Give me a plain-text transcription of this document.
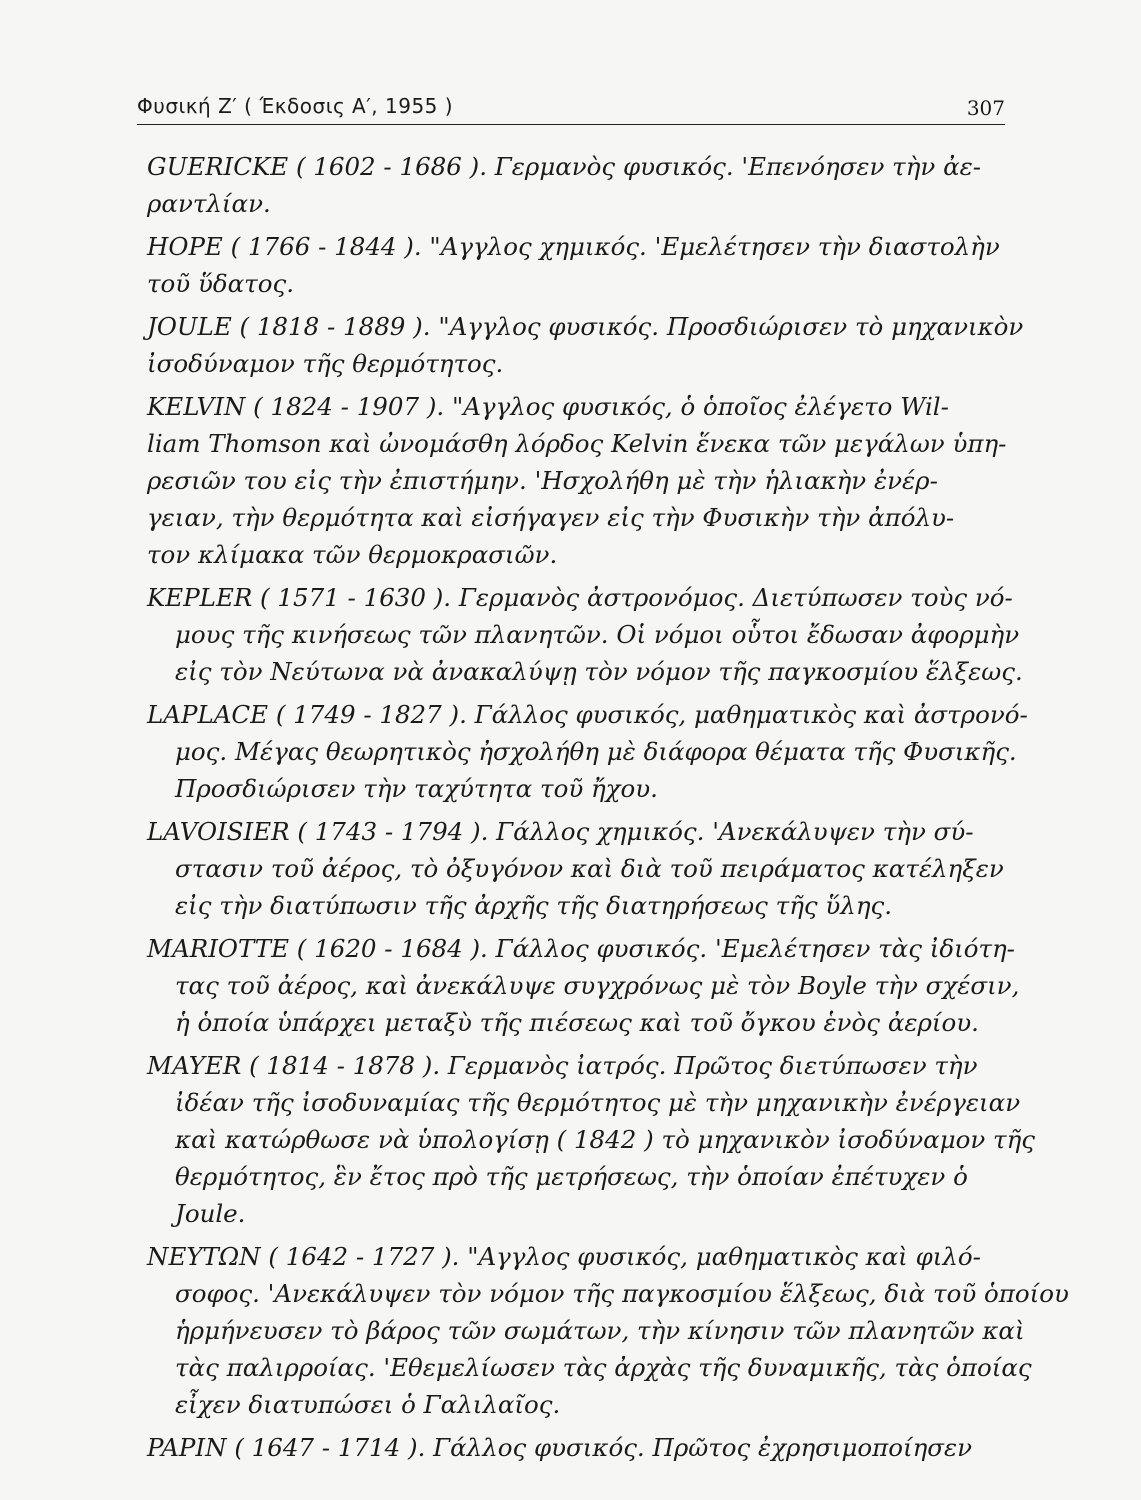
Φυσική Ζ′ ( Έκδοσις Α′, 1955 )	307
GUERICKE ( 1602 - 1686 ). Γερμανὸς φυσικός. 'Επενόησεν τὴν ἀε-
ραντλίαν.
HOPE ( 1766 - 1844 ). "Αγγλος χημικός. 'Εμελέτησεν τὴν διαστολὴν
τοῦ ὕδατος.
JOULE ( 1818 - 1889 ). "Αγγλος φυσικός. Προσδιώρισεν τὸ μηχανικὸν
ἰσοδύναμον τῆς θερμότητος.
KELVIN ( 1824 - 1907 ). "Αγγλος φυσικός, ὁ ὁποῖος ἐλέγετο Wil-
liam Thomson καὶ ὠνομάσθη λόρδος Kelvin ἕνεκα τῶν μεγάλων ὑπη-
ρεσιῶν του εἰς τὴν ἐπιστήμην. 'Ησχολήθη μὲ τὴν ἡλιακὴν ἐνέρ-
γειαν, τὴν θερμότητα καὶ εἰσήγαγεν εἰς τὴν Φυσικὴν τὴν ἀπόλυ-
τον κλίμακα τῶν θερμοκρασιῶν.
KEPLER ( 1571 - 1630 ). Γερμανὸς ἀστρονόμος. Διετύπωσεν τοὺς νό-
μους τῆς κινήσεως τῶν πλανητῶν. Οἱ νόμοι οὗτοι ἔδωσαν ἀφορμὴν
εἰς τὸν Νεύτωνα νὰ ἀνακαλύψῃ τὸν νόμον τῆς παγκοσμίου ἕλξεως.
LAPLACE ( 1749 - 1827 ). Γάλλος φυσικός, μαθηματικὸς καὶ ἀστρονό-
μος. Μέγας θεωρητικὸς ἠσχολήθη μὲ διάφορα θέματα τῆς Φυσικῆς.
Προσδιώρισεν τὴν ταχύτητα τοῦ ἤχου.
LAVOISIER ( 1743 - 1794 ). Γάλλος χημικός. 'Ανεκάλυψεν τὴν σύ-
στασιν τοῦ ἀέρος, τὸ ὀξυγόνον καὶ διὰ τοῦ πειράματος κατέληξεν
εἰς τὴν διατύπωσιν τῆς ἀρχῆς τῆς διατηρήσεως τῆς ὕλης.
MARIOTTE ( 1620 - 1684 ). Γάλλος φυσικός. 'Εμελέτησεν τὰς ἰδιότη-
τας τοῦ ἀέρος, καὶ ἀνεκάλυψε συγχρόνως μὲ τὸν Boyle τὴν σχέσιν,
ἡ ὁποία ὑπάρχει μεταξὺ τῆς πιέσεως καὶ τοῦ ὄγκου ἑνὸς ἀερίου.
MAYER ( 1814 - 1878 ). Γερμανὸς ἰατρός. Πρῶτος διετύπωσεν τὴν
ἰδέαν τῆς ἰσοδυναμίας τῆς θερμότητος μὲ τὴν μηχανικὴν ἐνέργειαν
καὶ κατώρθωσε νὰ ὑπολογίσῃ ( 1842 ) τὸ μηχανικὸν ἰσοδύναμον τῆς
θερμότητος, ἓν ἔτος πρὸ τῆς μετρήσεως, τὴν ὁποίαν ἐπέτυχεν ὁ
Joule.
ΝΕΥΤΩΝ ( 1642 - 1727 ). "Αγγλος φυσικός, μαθηματικὸς καὶ φιλό-
σοφος. 'Ανεκάλυψεν τὸν νόμον τῆς παγκοσμίου ἕλξεως, διὰ τοῦ ὁποίου
ἡρμήνευσεν τὸ βάρος τῶν σωμάτων, τὴν κίνησιν τῶν πλανητῶν καὶ
τὰς παλιρροίας. 'Εθεμελίωσεν τὰς ἀρχὰς τῆς δυναμικῆς, τὰς ὁποίας
εἶχεν διατυπώσει ὁ Γαλιλαῖος.
PAPIN ( 1647 - 1714 ). Γάλλος φυσικός. Πρῶτος ἐχρησιμοποίησεν
